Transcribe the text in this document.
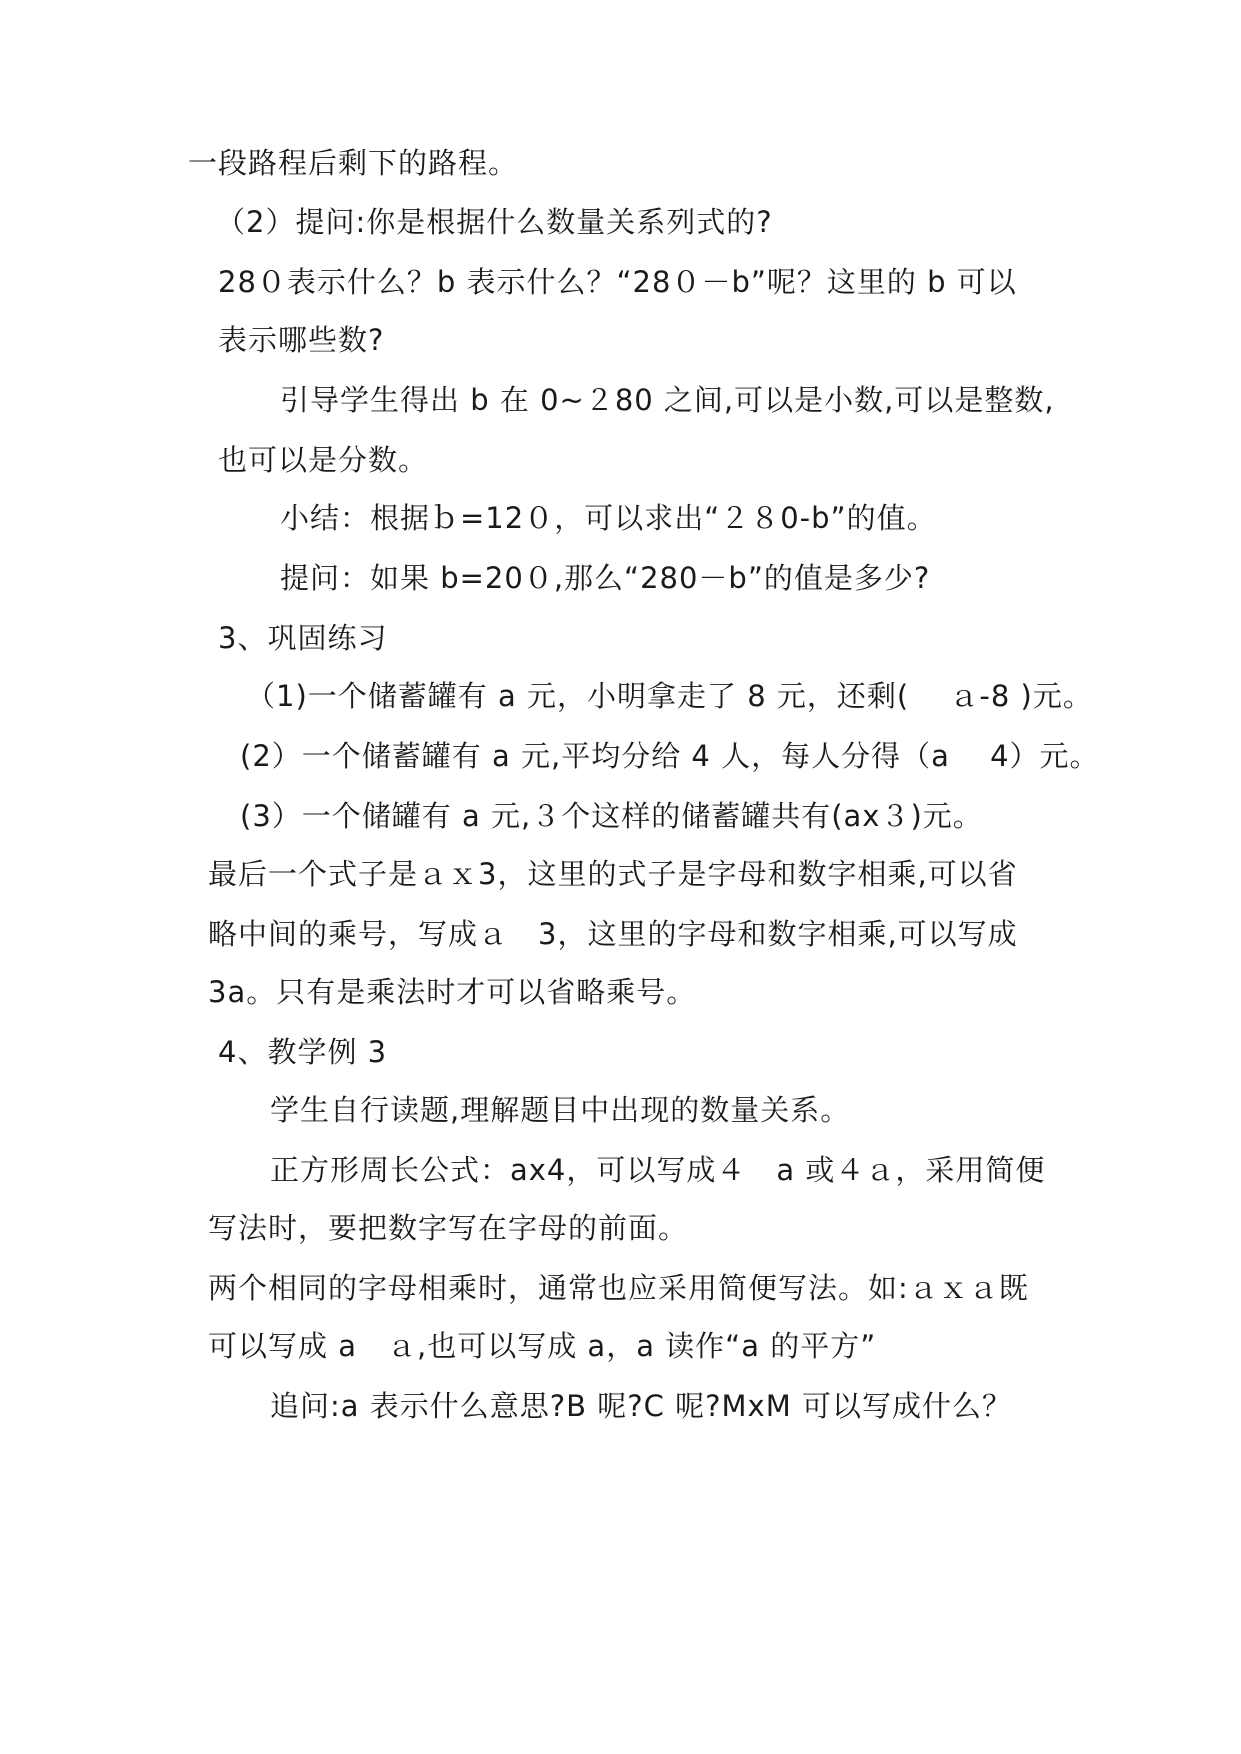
一段路程后剩下的路程。
（2）提问:你是根据什么数量关系列式的?
28０表示什么？b 表示什么？“28０－b”呢？这里的 b 可以
表示哪些数?
引导学生得出 b 在 0~２80 之间,可以是小数,可以是整数,
也可以是分数。
小结：根据ｂ=12０，可以求出“２８0-b”的值。
提问：如果 b=20０,那么“280－b”的值是多少?
3、巩固练习
（1)一个储蓄罐有 a 元，小明拿走了 8 元，还剩(　 ａ-8 )元。
(2）一个储蓄罐有 a 元,平均分给 4 人，每人分得（a　 4）元。
(3）一个储罐有 a 元,３个这样的储蓄罐共有(ax３)元。
最后一个式子是ａｘ3，这里的式子是字母和数字相乘,可以省
略中间的乘号，写成ａ　3，这里的字母和数字相乘,可以写成
3a。只有是乘法时才可以省略乘号。
4、教学例 3
学生自行读题,理解题目中出现的数量关系。
正方形周长公式：ax4，可以写成４　a 或４ａ，采用简便
写法时，要把数字写在字母的前面。
两个相同的字母相乘时，通常也应采用简便写法。如:ａｘａ既
可以写成 a　ａ,也可以写成 a，a 读作“a 的平方”
追问:a 表示什么意思?B 呢?C 呢?MxM 可以写成什么？
